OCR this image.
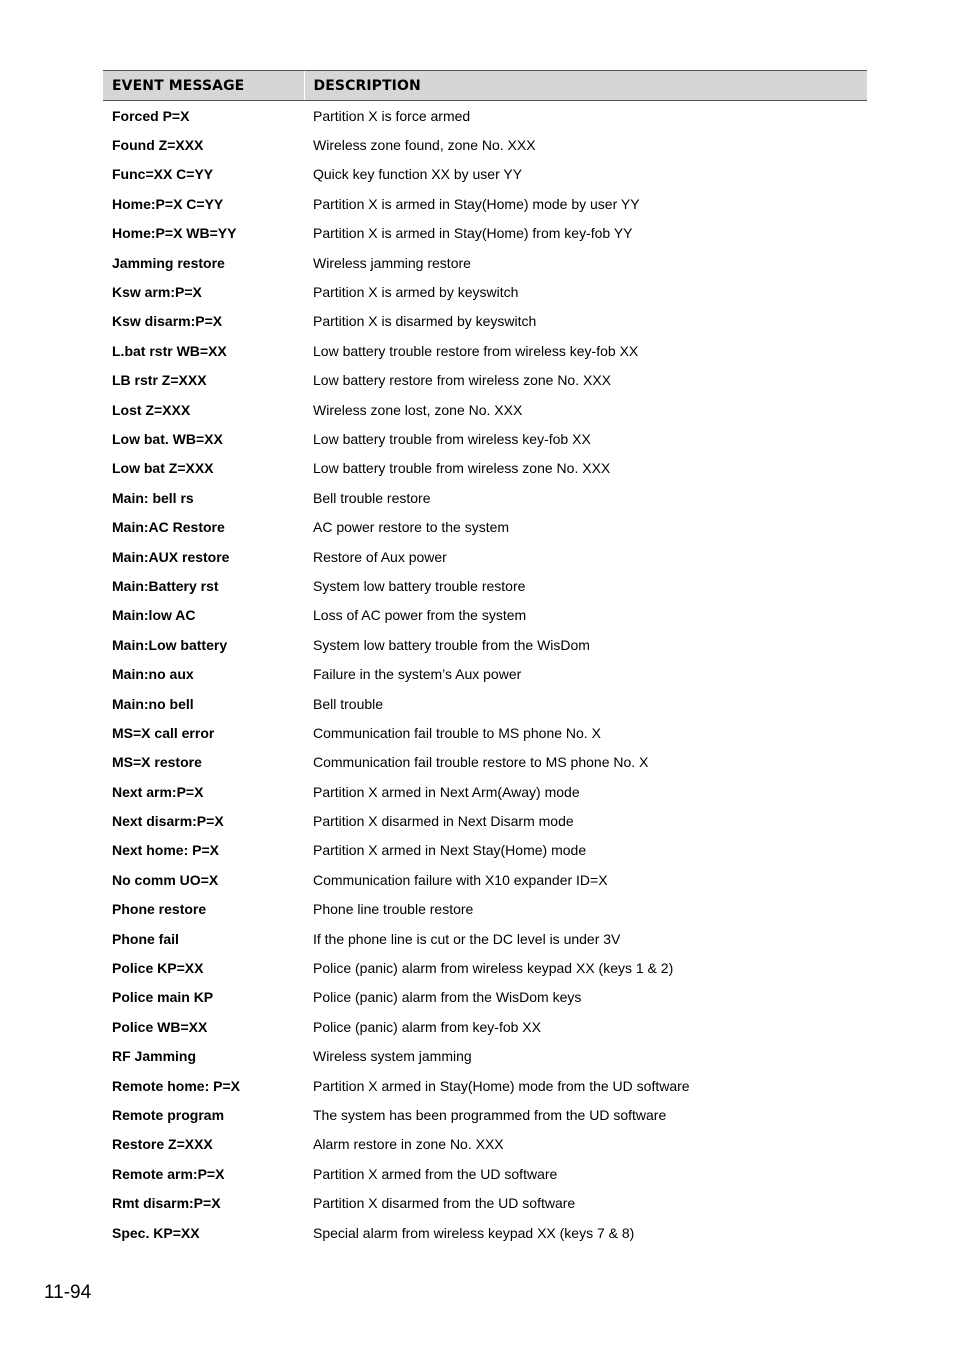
EVENT MESSAGE	DESCRIPTION
Forced P=X	Partition X is force armed
Found Z=XXX	Wireless zone found, zone No. XXX
Func=XX C=YY	Quick key function XX by user YY
Home:P=X C=YY	Partition X is armed in Stay(Home) mode by user YY
Home:P=X WB=YY	Partition X is armed in Stay(Home) from key-fob YY
Jamming restore	Wireless jamming restore
Ksw arm:P=X	Partition X is armed by keyswitch
Ksw disarm:P=X	Partition X is disarmed by keyswitch
L.bat rstr WB=XX	Low battery trouble restore from wireless key-fob XX
LB rstr Z=XXX	Low battery restore from wireless zone No. XXX
Lost Z=XXX	Wireless zone lost, zone No. XXX
Low bat. WB=XX	Low battery trouble from wireless key-fob XX
Low bat Z=XXX	Low battery trouble from wireless zone No. XXX
Main: bell rs	Bell trouble restore
Main:AC Restore	AC power restore to the system
Main:AUX restore	Restore of Aux power
Main:Battery rst	System low battery trouble restore
Main:low AC	Loss of AC power from the system
Main:Low battery	System low battery trouble from the WisDom
Main:no aux	Failure in the system’s Aux power
Main:no bell	Bell trouble
MS=X call error	Communication fail trouble to MS phone No. X
MS=X restore	Communication fail trouble restore to MS phone No. X
Next arm:P=X	Partition X armed in Next Arm(Away) mode
Next disarm:P=X	Partition X disarmed in Next Disarm mode
Next home: P=X	Partition X armed in Next Stay(Home) mode
No comm UO=X	Communication failure with X10 expander ID=X
Phone restore	Phone line trouble restore
Phone fail	If the phone line is cut or the DC level is under 3V
Police KP=XX	Police (panic) alarm from wireless keypad XX (keys 1 & 2)
Police main KP	Police (panic) alarm from the WisDom keys
Police WB=XX	Police (panic) alarm from key-fob XX
RF Jamming	Wireless system jamming
Remote home: P=X	Partition X armed in Stay(Home) mode from the UD software
Remote program	The system has been programmed from the UD software
Restore Z=XXX	Alarm restore in zone No. XXX
Remote arm:P=X	Partition X armed from the UD software
Rmt disarm:P=X	Partition X disarmed from the UD software
Spec. KP=XX	Special alarm from wireless keypad XX (keys 7 & 8)
11-94
